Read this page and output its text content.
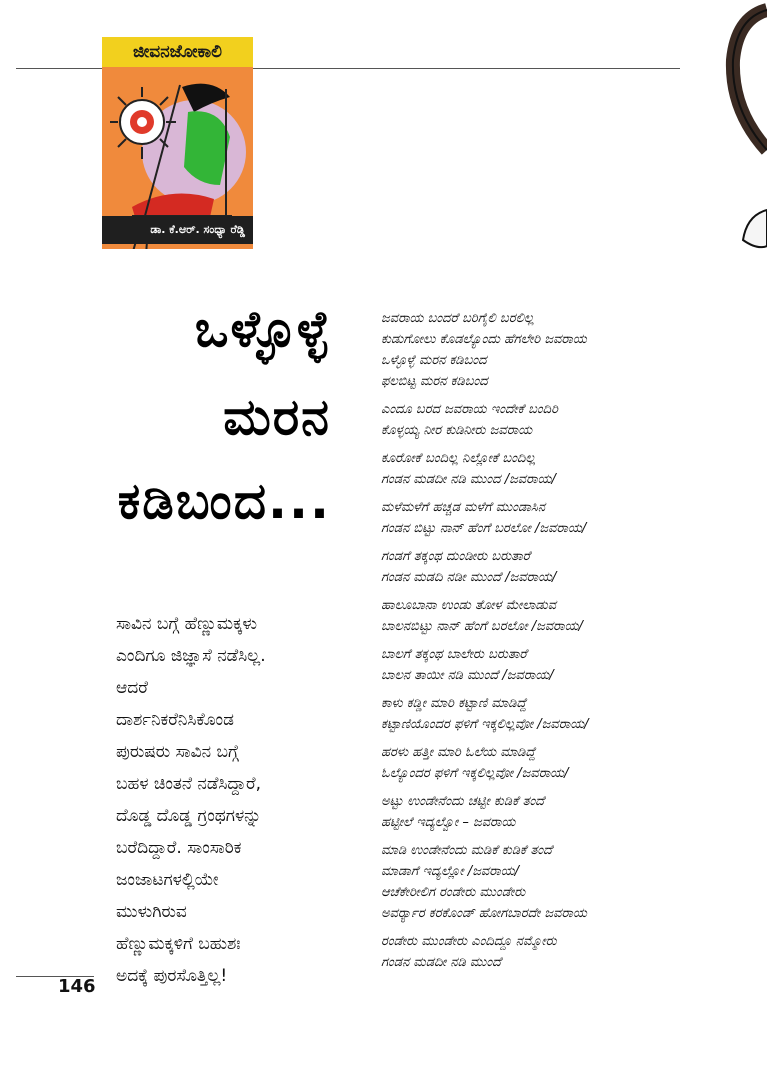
ಜೀವನಜೋಕಾಲಿ
ಡಾ. ಕೆ.ಆರ್. ಸಂಧ್ಯಾ ರೆಡ್ಡಿ
ಒಳ್ಳೊಳ್ಳೆ
ಮರನ
ಕಡಿಬಂದ...
ಸಾವಿನ ಬಗ್ಗೆ ಹೆಣ್ಣುಮಕ್ಕಳು
ಎಂದಿಗೂ ಜಿಜ್ಞಾಸೆ ನಡೆಸಿಲ್ಲ.
ಆದರೆ
ದಾರ್ಶನಿಕರೆನಿಸಿಕೊಂಡ
ಪುರುಷರು ಸಾವಿನ ಬಗ್ಗೆ
ಬಹಳ ಚಿಂತನೆ ನಡೆಸಿದ್ದಾರೆ,
ದೊಡ್ಡ ದೊಡ್ಡ ಗ್ರಂಥಗಳನ್ನು
ಬರೆದಿದ್ದಾರೆ. ಸಾಂಸಾರಿಕ
ಜಂಜಾಟಗಳಲ್ಲಿಯೇ
ಮುಳುಗಿರುವ
ಹೆಣ್ಣುಮಕ್ಕಳಿಗೆ ಬಹುಶಃ
ಅದಕ್ಕೆ ಪುರಸೊತ್ತಿಲ್ಲ!
ಜವರಾಯ ಬಂದರೆ ಬರಿಗೈಲಿ ಬರಲಿಲ್ಲ
ಕುಡುಗೋಲು ಕೊಡಲ್ಯೊಂದು ಹೆಗಲೇರಿ ಜವರಾಯ
ಒಳ್ಳೊಳ್ಳೆ ಮರನ ಕಡಿಬಂದ
ಫಲಬಿಟ್ಟ ಮರನ ಕಡಿಬಂದ
ಎಂದೂ ಬರದ ಜವರಾಯ ಇಂದೇಕೆ ಬಂದಿರಿ
ಕೊಳ್ಳಯ್ಯ ನೀರ ಕುಡಿನೀರು ಜವರಾಯ
ಕೂರೋಕೆ ಬಂದಿಲ್ಲ ನಿಲ್ಲೋಕೆ ಬಂದಿಲ್ಲ
ಗಂಡನ ಮಡದೀ ನಡಿ ಮುಂದ /ಜವರಾಯ/
ಮಳೆಮಳೆಗೆ ಹಚ್ಚಡ ಮಳೆಗೆ ಮುಂಡಾಸಿನ
ಗಂಡನ ಬಿಟ್ಟು ನಾನ್ ಹೆಂಗೆ ಬರಲೋ /ಜವರಾಯ/
ಗಂಡಗೆ ತಕ್ಕಂಥ ದುಂಡೀರು ಬರುತಾರೆ
ಗಂಡನ ಮಡದಿ ನಡೀ ಮುಂದೆ /ಜವರಾಯ/
ಹಾಲೂಬಾನಾ ಉಂಡು ತೋಳ ಮೇಲಾಡುವ
ಬಾಲನಬಿಟ್ಟು ನಾನ್ ಹೆಂಗೆ ಬರಲೋ /ಜವರಾಯ/
ಬಾಲಗೆ ತಕ್ಕಂಥ ಬಾಲೇರು ಬರುತಾರೆ
ಬಾಲನ ತಾಯೀ ನಡಿ ಮುಂದೆ /ಜವರಾಯ/
ಕಾಳು ಕಡ್ಡೀ ಮಾರಿ ಕಟ್ಟಾಣಿ ಮಾಡಿದ್ದೆ
ಕಟ್ಟಾಣಿಯೊಂದರ ಫಳಿಗೆ ಇಕ್ಕಲಿಲ್ಲವೋ /ಜವರಾಯ/
ಹರಳು ಹತ್ತೀ ಮಾರಿ ಓಲೆಯ ಮಾಡಿದ್ದೆ
ಓಲ್ಯೊಂದರ ಫಳಿಗೆ ಇಕ್ಕಲಿಲ್ಲವೋ /ಜವರಾಯ/
ಅಟ್ಟು ಉಂಡೇನೆಂದು ಚಟ್ಟೀ ಕುಡಿಕೆ ತಂದೆ
ಹಟ್ಟೀಲೆ ಇದ್ಯಲ್ವೋ – ಜವರಾಯ
ಮಾಡಿ ಉಂಡೇನೆಂದು ಮಡಿಕೆ ಕುಡಿಕೆ ತಂದೆ
ಮಾಡಾಗೆ ಇದ್ಯಲ್ಲೋ /ಜವರಾಯ/
ಆಚೆಕೇರೀಲಿಗ ರಂಡೇರು ಮುಂಡೇರು
ಅವರ್ರ್ಯಾರ ಕರಕೊಂಡ್ ಹೋಗಬಾರದೇ ಜವರಾಯ
ರಂಡೇರು ಮುಂಡೇರು ಎಂದಿದ್ದೂ ನಮ್ಮೋರು
ಗಂಡನ ಮಡದೀ ನಡಿ ಮುಂದೆ
146
